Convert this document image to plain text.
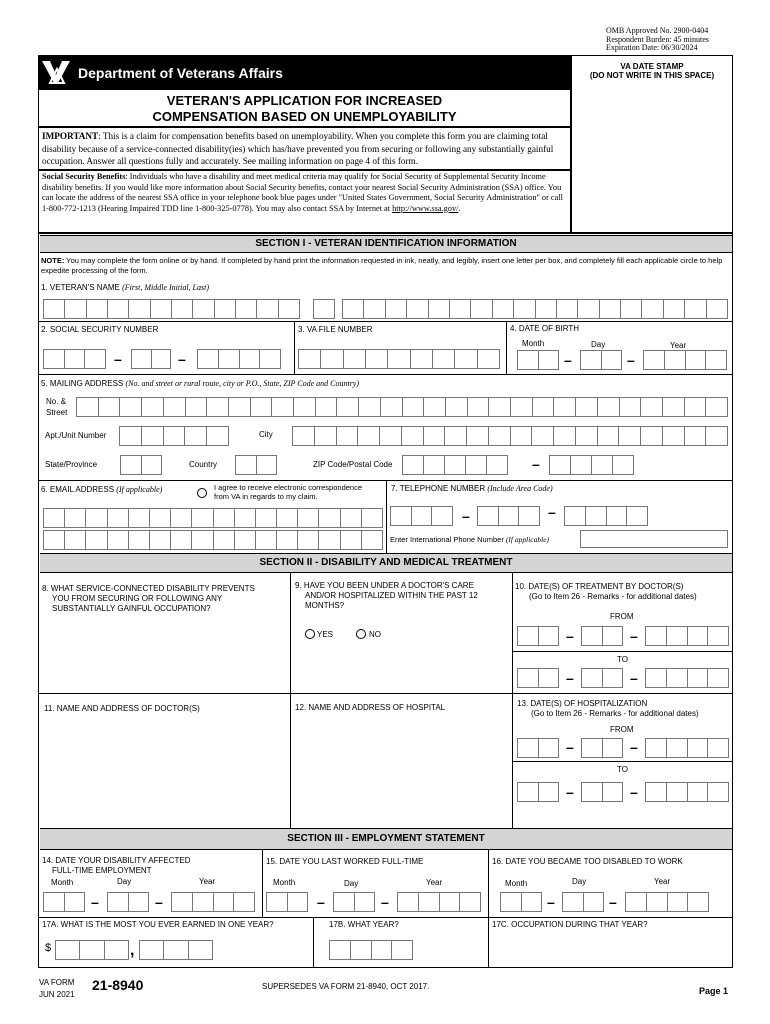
OMB Approved No. 2900-0404
Respondent Burden: 45 minutes
Expiration Date: 06/30/2024
Department of Veterans Affairs	VA DATE STAMP
(DO NOT WRITE IN THIS SPACE)
VETERAN'S APPLICATION FOR INCREASED
COMPENSATION BASED ON UNEMPLOYABILITY
IMPORTANT: This is a claim for compensation benefits based on unemployability. When you complete this form you are claiming total disability because of a service-connected disability(ies) which has/have prevented you from securing or following any substantially gainful occupation. Answer all questions fully and accurately. See mailing information on page 4 of this form.
Social Security Benefits: Individuals who have a disability and meet medical criteria may qualify for Social Security of Supplemental Security Income disability benefits. If you would like more information about Social Security benefits, contact your nearest Social Security Administration (SSA) office. You can locate the address of the nearest SSA office in your telephone book blue pages under "United States Government, Social Security Administration" or call 1-800-772-1213 (Hearing Impaired TDD line 1-800-325-0778). You may also contact SSA by Internet at http://www.ssa.gov/.
SECTION I - VETERAN IDENTIFICATION INFORMATION
NOTE: You may complete the form online or by hand. If completed by hand print the information requested in ink, neatly, and legibly, insert one letter per box, and completely fill each applicable circle to help expedite processing of the form.
1. VETERAN'S NAME (First, Middle Initial, Last)
2. SOCIAL SECURITY NUMBER	3. VA FILE NUMBER	4. DATE OF BIRTH
Month	Day	Year
–	–	–	–
5. MAILING ADDRESS (No. and street or rural route, city or P.O., State, ZIP Code and Country)
No. &
Street
Apt./Unit Number	City
State/Province	Country	ZIP Code/Postal Code	–
6. EMAIL ADDRESS (If applicable)	I agree to receive electronic correspondence
from VA in regards to my claim.
7. TELEPHONE NUMBER (Include Area Code)
–	–
Enter International Phone Number (If applicable)
SECTION II - DISABILITY AND MEDICAL TREATMENT
8. WHAT SERVICE-CONNECTED DISABILITY PREVENTS
YOU FROM SECURING OR FOLLOWING ANY
SUBSTANTIALLY GAINFUL OCCUPATION?
9. HAVE YOU BEEN UNDER A DOCTOR'S CARE
AND/OR HOSPITALIZED WITHIN THE PAST 12
MONTHS?
YES	NO
10. DATE(S) OF TREATMENT BY DOCTOR(S)
(Go to Item 26 - Remarks - for additional dates)
FROM
–	–
TO
–	–
11. NAME AND ADDRESS OF DOCTOR(S)	12. NAME AND ADDRESS OF HOSPITAL	13. DATE(S) OF HOSPITALIZATION
(Go to Item 26 - Remarks - for additional dates)
FROM
–	–
TO
–	–
SECTION III - EMPLOYMENT STATEMENT
14. DATE YOUR DISABILITY AFFECTED
FULL-TIME EMPLOYMENT
Month	Day	Year
–	–
15. DATE YOU LAST WORKED FULL-TIME
Month	Day	Year
–	–
16. DATE YOU BECAME TOO DISABLED TO WORK
Month	Day	Year
–	–
17A. WHAT IS THE MOST YOU EVER EARNED IN ONE YEAR?
$	,
17B. WHAT YEAR?	17C. OCCUPATION DURING THAT YEAR?
VA FORM
JUN 2021
21-8940	SUPERSEDES VA FORM 21-8940, OCT 2017.	Page 1
